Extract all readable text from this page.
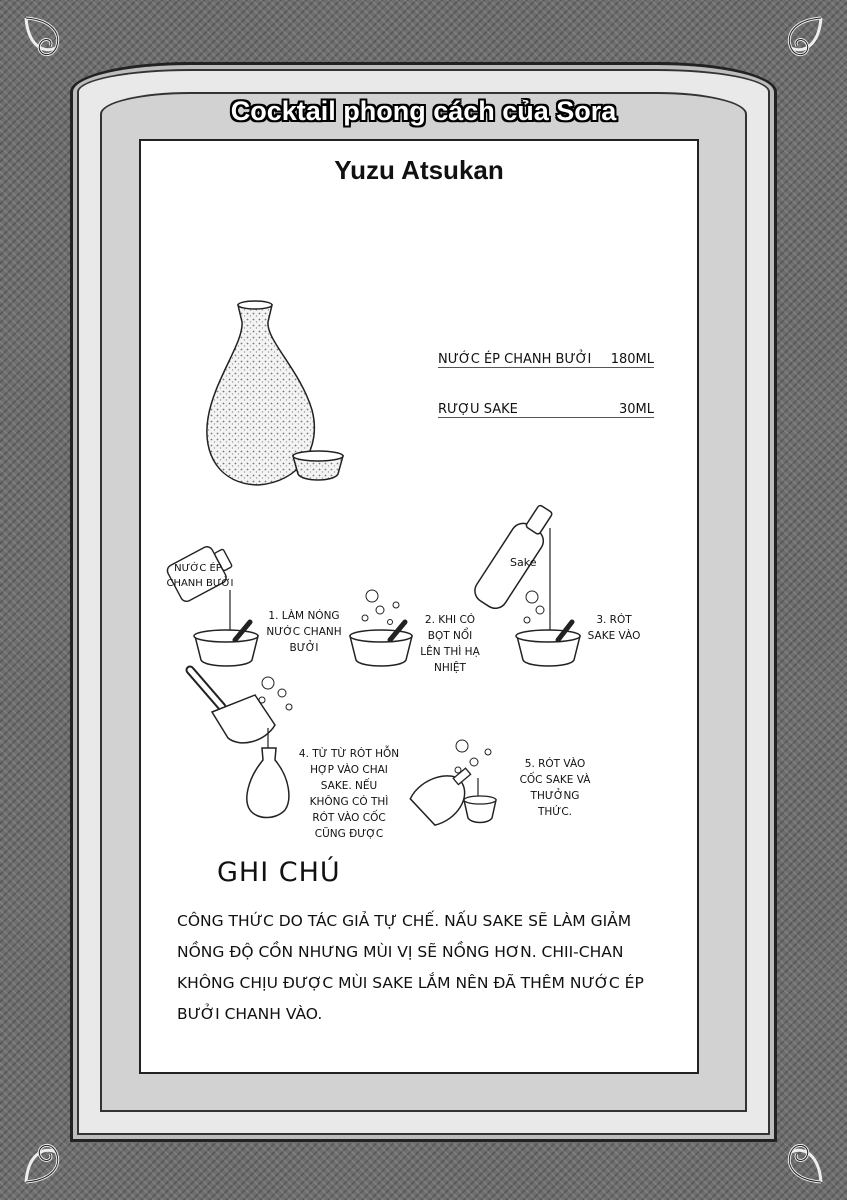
Cocktail phong cách của Sora
Yuzu Atsukan
NƯỚC ÉP CHANH BƯỞI 180ML
RƯỢU SAKE	30ML
NƯỚC ÉP
CHANH BƯỞI
Sake
1. LÀM NÓNG
NƯỚC CHANH
BƯỞI
2. KHI CÓ
BỌT NỔI
LÊN THÌ HẠ
NHIỆT
3. RÓT
SAKE VÀO
4. TỪ TỪ RÓT HỖN
HỢP VÀO CHAI
SAKE. NẾU
KHÔNG CÓ THÌ
RÓT VÀO CỐC
CŨNG ĐƯỢC
5. RÓT VÀO
CỐC SAKE VÀ
THƯỞNG
THỨC.
GHI CHÚ
CÔNG THỨC DO TÁC GIẢ TỰ CHẾ. NẤU SAKE SẼ LÀM GIẢM
NỒNG ĐỘ CỒN NHƯNG MÙI VỊ SẼ NỒNG HƠN. CHII-CHAN
KHÔNG CHỊU ĐƯỢC MÙI SAKE LẮM NÊN ĐÃ THÊM NƯỚC ÉP
BƯỞI CHANH VÀO.
